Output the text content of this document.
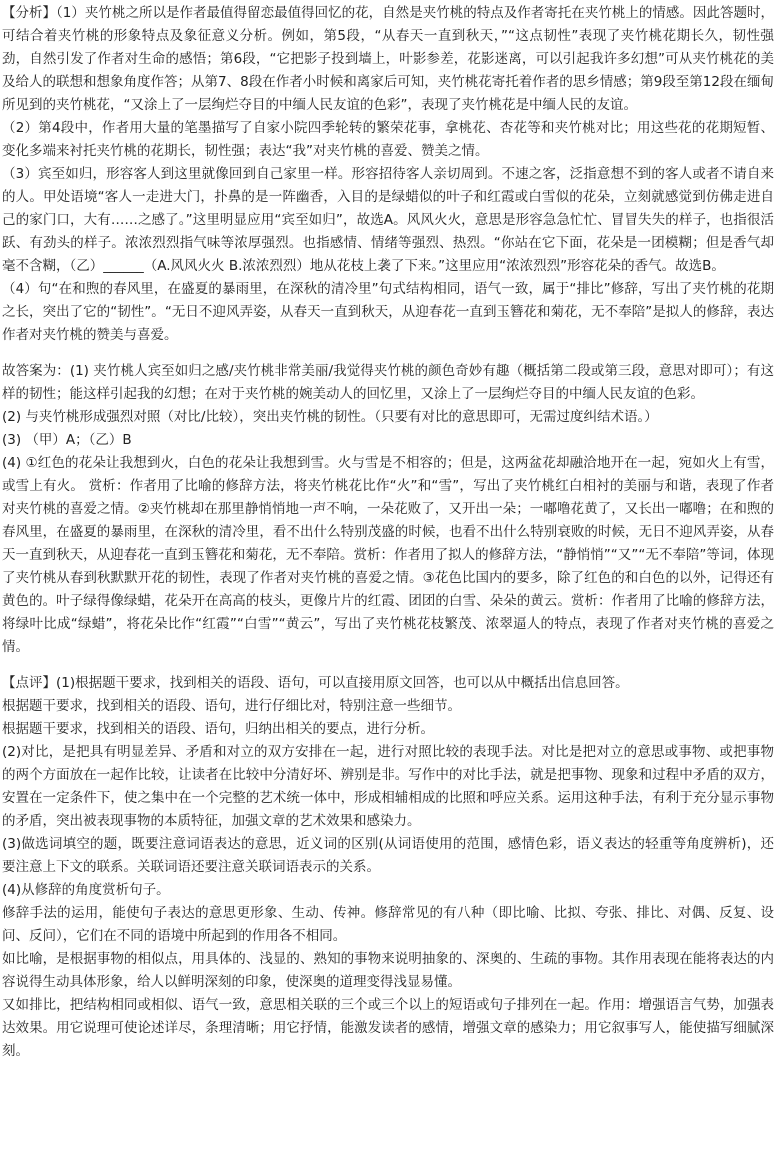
【分析】（1）夹竹桃之所以是作者最值得留恋最值得回忆的花，自然是夹竹桃的特点及作者寄托在夹竹桃上的情感。因此答题时，可结合着夹竹桃的形象特点及象征意义分析。例如，第5段，“从春天一直到秋天，”“这点韧性”表现了夹竹桃花期长久，韧性强劲，自然引发了作者对生命的感悟；第6段，“它把影子投到墙上，叶影参差，花影迷离，可以引起我许多幻想”可从夹竹桃花的美及给人的联想和想象角度作答；从第7、8段在作者小时候和离家后可知，夹竹桃花寄托着作者的思乡情感；第9段至第12段在缅甸所见到的夹竹桃花，“又涂上了一层绚烂夺目的中缅人民友谊的色彩”，表现了夹竹桃花是中缅人民的友谊。

（2）第4段中，作者用大量的笔墨描写了自家小院四季轮转的繁荣花事，拿桃花、杏花等和夹竹桃对比；用这些花的花期短暂、变化多端来衬托夹竹桃的花期长，韧性强；表达“我”对夹竹桃的喜爱、赞美之情。

（3）宾至如归，形容客人到这里就像回到自己家里一样。形容招待客人亲切周到。不速之客，泛指意想不到的客人或者不请自来的人。甲处语境“客人一走进大门，扑鼻的是一阵幽香，入目的是绿蜡似的叶子和红霞或白雪似的花朵，立刻就感觉到仿佛走进自己的家门口，大有……之感了。”这里明显应用“宾至如归”，故选A。风风火火，意思是形容急急忙忙、冒冒失失的样子，也指很活跃、有劲头的样子。浓浓烈烈指气味等浓厚强烈。也指感情、情绪等强烈、热烈。“你站在它下面，花朵是一团模糊；但是香气却毫不含糊，（乙）______（A.风风火火 B.浓浓烈烈）地从花枝上袭了下来。”这里应用“浓浓烈烈”形容花朵的香气。故选B。

（4）句“在和煦的春风里，在盛夏的暴雨里，在深秋的清冷里”句式结构相同，语气一致，属于“排比”修辞，写出了夹竹桃的花期之长，突出了它的“韧性”。“无日不迎风弄姿，从春天一直到秋天，从迎春花一直到玉簪花和菊花，无不奉陪”是拟人的修辞，表达作者对夹竹桃的赞美与喜爱。

故答案为：(1) 夹竹桃人宾至如归之感/夹竹桃非常美丽/我觉得夹竹桃的颜色奇妙有趣（概括第二段或第三段，意思对即可）；有这样的韧性；能这样引起我的幻想；在对于夹竹桃的婉美动人的回忆里，又涂上了一层绚烂夺目的中缅人民友谊的色彩。

(2) 与夹竹桃形成强烈对照（对比/比较），突出夹竹桃的韧性。（只要有对比的意思即可，无需过度纠结术语。）

(3) （甲）A；（乙）B

(4) ①红色的花朵让我想到火，白色的花朵让我想到雪。火与雪是不相容的；但是，这两盆花却融洽地开在一起，宛如火上有雪，或雪上有火。 赏析：作者用了比喻的修辞方法，将夹竹桃花比作“火”和“雪”，写出了夹竹桃红白相衬的美丽与和谐，表现了作者对夹竹桃的喜爱之情。②夹竹桃却在那里静悄悄地一声不响，一朵花败了，又开出一朵；一嘟噜花黄了，又长出一嘟噜；在和煦的春风里，在盛夏的暴雨里，在深秋的清冷里，看不出什么特别茂盛的时候，也看不出什么特别衰败的时候，无日不迎风弄姿，从春天一直到秋天，从迎春花一直到玉簪花和菊花，无不奉陪。赏析：作者用了拟人的修辞方法，“静悄悄”“又”“无不奉陪”等词，体现了夹竹桃从春到秋默默开花的韧性，表现了作者对夹竹桃的喜爱之情。③花色比国内的要多，除了红色的和白色的以外，记得还有黄色的。叶子绿得像绿蜡，花朵开在高高的枝头，更像片片的红霞、团团的白雪、朵朵的黄云。赏析：作者用了比喻的修辞方法，将绿叶比成“绿蜡”，将花朵比作“红霞”“白雪”“黄云”，写出了夹竹桃花枝繁茂、浓翠逼人的特点，表现了作者对夹竹桃的喜爱之情。

【点评】(1)根据题干要求，找到相关的语段、语句，可以直接用原文回答，也可以从中概括出信息回答。

根据题干要求，找到相关的语段、语句，进行仔细比对，特别注意一些细节。

根据题干要求，找到相关的语段、语句，归纳出相关的要点，进行分析。

(2)对比，是把具有明显差异、矛盾和对立的双方安排在一起，进行对照比较的表现手法。对比是把对立的意思或事物、或把事物的两个方面放在一起作比较，让读者在比较中分清好坏、辨别是非。写作中的对比手法，就是把事物、现象和过程中矛盾的双方，安置在一定条件下，使之集中在一个完整的艺术统一体中，形成相辅相成的比照和呼应关系。运用这种手法，有利于充分显示事物的矛盾，突出被表现事物的本质特征，加强文章的艺术效果和感染力。

(3)做选词填空的题，既要注意词语表达的意思，近义词的区别(从词语使用的范围，感情色彩，语义表达的轻重等角度辨析)，还要注意上下文的联系。关联词语还要注意关联词语表示的关系。

(4)从修辞的角度赏析句子。

修辞手法的运用，能使句子表达的意思更形象、生动、传神。修辞常见的有八种（即比喻、比拟、夸张、排比、对偶、反复、设问、反问），它们在不同的语境中所起到的作用各不相同。

如比喻，是根据事物的相似点，用具体的、浅显的、熟知的事物来说明抽象的、深奥的、生疏的事物。其作用表现在能将表达的内容说得生动具体形象，给人以鲜明深刻的印象，使深奥的道理变得浅显易懂。

又如排比，把结构相同或相似、语气一致，意思相关联的三个或三个以上的短语或句子排列在一起。作用：增强语言气势，加强表达效果。用它说理可使论述详尽，条理清晰；用它抒情，能激发读者的感情，增强文章的感染力；用它叙事写人，能使描写细腻深刻。
